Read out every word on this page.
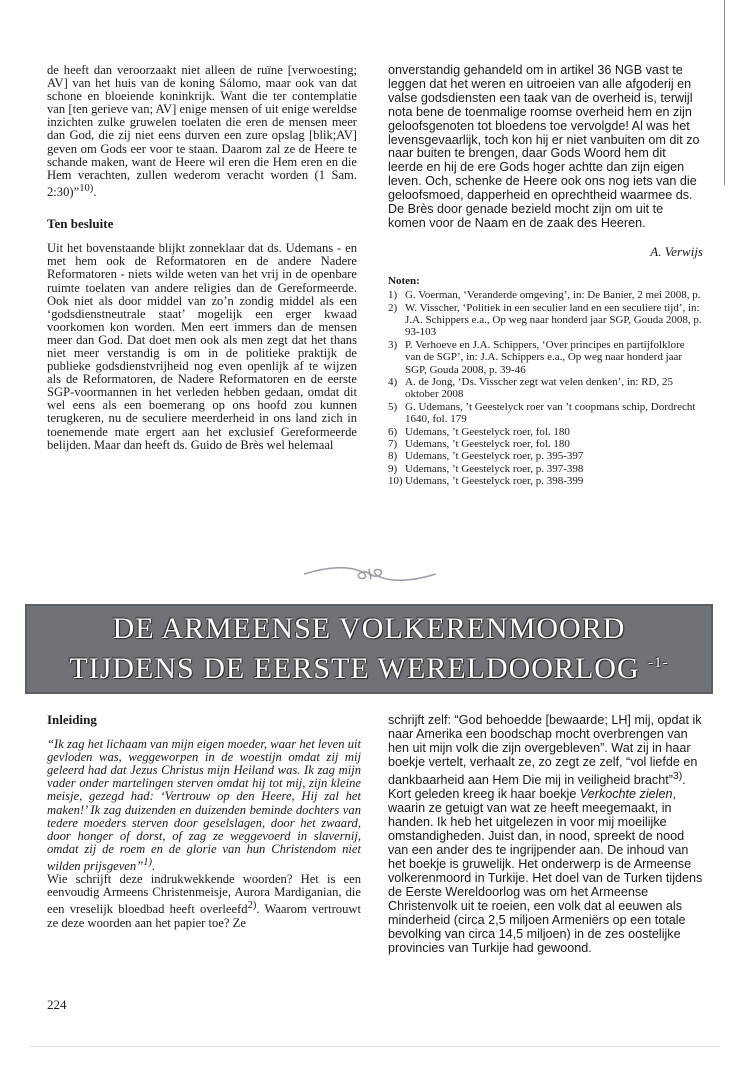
de heeft dan veroorzaakt niet alleen de ruïne [verwoesting; AV] van het huis van de koning Sálomo, maar ook van dat schone en bloeiende koninkrijk. Want die ter contemplatie van [ten gerieve van; AV] enige mensen of uit enige wereldse inzichten zulke gruwelen toelaten die eren de mensen meer dan God, die zij niet eens durven een zure opslag [blik;AV] geven om Gods eer voor te staan. Daarom zal ze de Heere te schande maken, want de Heere wil eren die Hem eren en die Hem verachten, zullen wederom veracht worden (1 Sam. 2:30)”$^{10)}$.

Ten besluite

Uit het bovenstaande blijkt zonneklaar dat ds. Udemans - en met hem ook de Reformatoren en de andere Nadere Reformatoren - niets wilde weten van het vrij in de openbare ruimte toelaten van andere religies dan de Gereformeerde. Ook niet als door middel van zo’n zondig middel als een ‘godsdienstneutrale staat’ mogelijk een erger kwaad voorkomen kon worden. Men eert immers dan de mensen meer dan God. Dat doet men ook als men zegt dat het thans niet meer verstandig is om in de politieke praktijk de publieke godsdienstvrijheid nog even openlijk af te wijzen als de Reformatoren, de Nadere Reformatoren en de eerste SGP-voormannen in het verleden hebben gedaan, omdat dit wel eens als een boemerang op ons hoofd zou kunnen terugkeren, nu de seculiere meerderheid in ons land zich in toenemende mate ergert aan het exclusief Gereformeerde belijden. Maar dan heeft ds. Guido de Brès wel helemaal

onverstandig gehandeld om in artikel 36 NGB vast te leggen dat het weren en uitroeien van alle afgoderij en valse godsdiensten een taak van de overheid is, terwijl nota bene de toenmalige roomse overheid hem en zijn geloofsgenoten tot bloedens toe vervolgde! Al was het levensgevaarlijk, toch kon hij er niet vanbuiten om dit zo naar buiten te brengen, daar Gods Woord hem dit leerde en hij de ere Gods hoger achtte dan zijn eigen leven. Och, schenke de Heere ook ons nog iets van die geloofsmoed, dapperheid en oprechtheid waarmee ds. De Brès door genade bezield mocht zijn om uit te komen voor de Naam en de zaak des Heeren.

A. Verwijs
Noten:
1) G. Voerman, ‘Veranderde omgeving’, in: De Banier, 2 mei 2008, p.
2) W. Visscher, ‘Politiek in een seculier land en een seculiere tijd’, in: J.A. Schippers e.a., Op weg naar honderd jaar SGP, Gouda 2008, p. 93-103
3) P. Verhoeve en J.A. Schippers, ‘Over principes en partijfolklore van de SGP’, in: J.A. Schippers e.a., Op weg naar honderd jaar SGP, Gouda 2008, p. 39-46
4) A. de Jong, ‘Ds. Visscher zegt wat velen denken’, in: RD, 25 oktober 2008
5) G. Udemans, ’t Geestelyck roer van ’t coopmans schip, Dordrecht 1640, fol. 179
6) Udemans, ’t Geestelyck roer, fol. 180
7) Udemans, ’t Geestelyck roer, fol. 180
8) Udemans, ’t Geestelyck roer, p. 395-397
9) Udemans, ’t Geestelyck roer, p. 397-398
10) Udemans, ’t Geestelyck roer, p. 398-399
DE ARMEENSE VOLKERENMOORD
TIJDENS DE EERSTE WERELDOORLOG $^{-1-}$
Inleiding

“Ik zag het lichaam van mijn eigen moeder, waar het leven uit gevloden was, weggeworpen in de woestijn omdat zij mij geleerd had dat Jezus Christus mijn Heiland was. Ik zag mijn vader onder martelingen sterven omdat hij tot mij, zijn kleine meisje, gezegd had: ‘Vertrouw op den Heere, Hij zal het maken!’ Ik zag duizenden en duizenden beminde dochters van tedere moeders sterven door geselslagen, door het zwaard, door honger of dorst, of zag ze weggevoerd in slavernij, omdat zij de roem en de glorie van hun Christendom niet wilden prijsgeven”$^{1)}$.

Wie schrijft deze indrukwekkende woorden? Het is een eenvoudig Armeens Christenmeisje, Aurora Mardiganian, die een vreselijk bloedbad heeft overleefd$^{2)}$. Waarom vertrouwt ze deze woorden aan het papier toe? Ze

schrijft zelf: “God behoedde [bewaarde; LH] mij, opdat ik naar Amerika een boodschap mocht overbrengen van hen uit mijn volk die zijn overgebleven”. Wat zij in haar boekje vertelt, verhaalt ze, zo zegt ze zelf, “vol liefde en dankbaarheid aan Hem Die mij in veiligheid bracht”$^{3)}$. Kort geleden kreeg ik haar boekje Verkochte zielen, waarin ze getuigt van wat ze heeft meegemaakt, in handen. Ik heb het uitgelezen in voor mij moeilijke omstandigheden. Juist dan, in nood, spreekt de nood van een ander des te ingrijpender aan. De inhoud van het boekje is gruwelijk. Het onderwerp is de Armeense volkerenmoord in Turkije. Het doel van de Turken tijdens de Eerste Wereldoorlog was om het Armeense Christenvolk uit te roeien, een volk dat al eeuwen als minderheid (circa 2,5 miljoen Armeniërs op een totale bevolking van circa 14,5 miljoen) in de zes oostelijke provincies van Turkije had gewoond.

224
